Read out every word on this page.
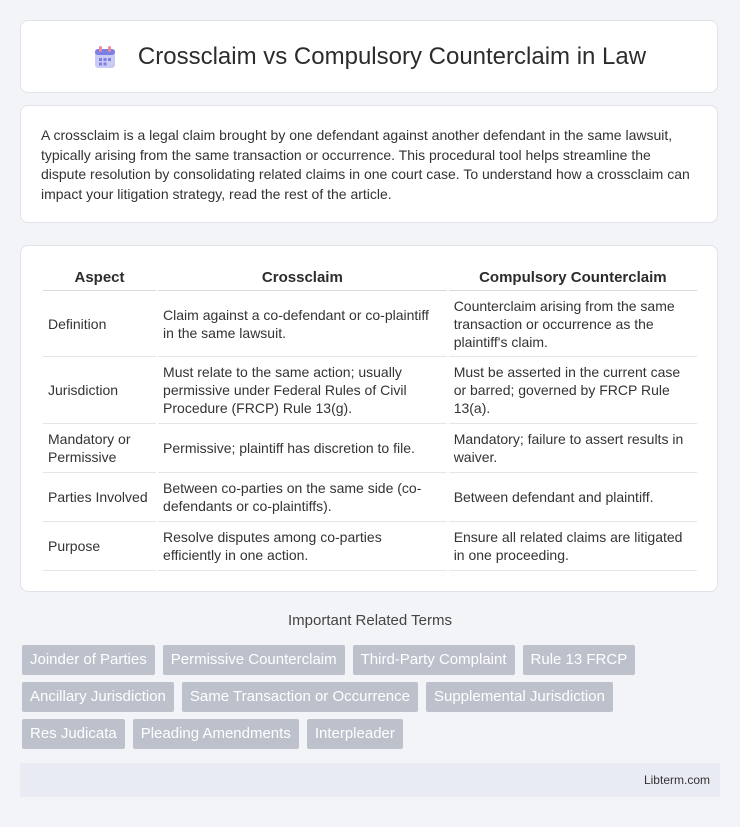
Crossclaim vs Compulsory Counterclaim in Law

A crossclaim is a legal claim brought by one defendant against another defendant in the same lawsuit, typically arising from the same transaction or occurrence. This procedural tool helps streamline the dispute resolution by consolidating related claims in one court case. To understand how a crossclaim can impact your litigation strategy, read the rest of the article.

Aspect	Crossclaim	Compulsory Counterclaim
Definition	Claim against a co-defendant or co-plaintiff in the same lawsuit.	Counterclaim arising from the same transaction or occurrence as the plaintiff's claim.
Jurisdiction	Must relate to the same action; usually permissive under Federal Rules of Civil Procedure (FRCP) Rule 13(g).	Must be asserted in the current case or barred; governed by FRCP Rule 13(a).
Mandatory or Permissive	Permissive; plaintiff has discretion to file.	Mandatory; failure to assert results in waiver.
Parties Involved	Between co-parties on the same side (co-defendants or co-plaintiffs).	Between defendant and plaintiff.
Purpose	Resolve disputes among co-parties efficiently in one action.	Ensure all related claims are litigated in one proceeding.
Important Related Terms
Joinder of Parties	Permissive Counterclaim	Third-Party Complaint	Rule 13 FRCP
Ancillary Jurisdiction	Same Transaction or Occurrence	Supplemental Jurisdiction
Res Judicata	Pleading Amendments	Interpleader
Libterm.com
